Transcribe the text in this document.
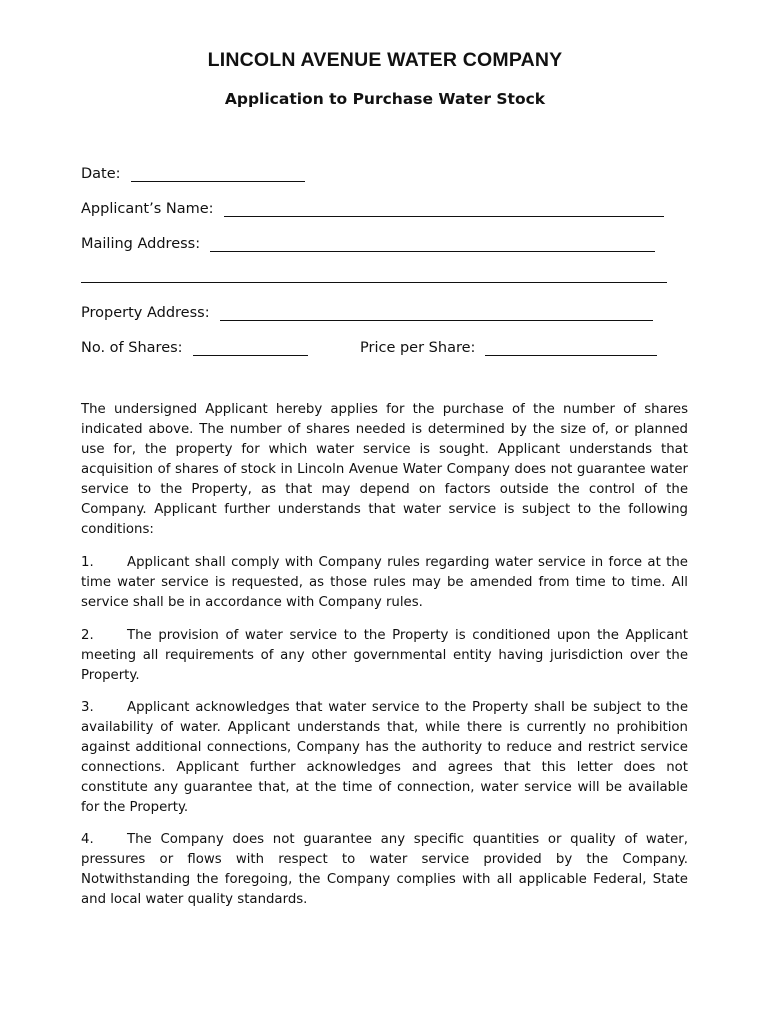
LINCOLN AVENUE WATER COMPANY
Application to Purchase Water Stock
Date:
Applicant’s Name:
Mailing Address:
Property Address:
No. of Shares:	Price per Share:

The undersigned Applicant hereby applies for the purchase of the number of shares indicated above. The number of shares needed is determined by the size of, or planned use for, the property for which water service is sought. Applicant understands that acquisition of shares of stock in Lincoln Avenue Water Company does not guarantee water service to the Property, as that may depend on factors outside the control of the Company. Applicant further understands that water service is subject to the following conditions:

1.	Applicant shall comply with Company rules regarding water service in force at the time water service is requested, as those rules may be amended from time to time. All service shall be in accordance with Company rules.

2.	The provision of water service to the Property is conditioned upon the Applicant meeting all requirements of any other governmental entity having jurisdiction over the Property.

3.	Applicant acknowledges that water service to the Property shall be subject to the availability of water. Applicant understands that, while there is currently no prohibition against additional connections, Company has the authority to reduce and restrict service connections. Applicant further acknowledges and agrees that this letter does not constitute any guarantee that, at the time of connection, water service will be available for the Property.

4.	The Company does not guarantee any specific quantities or quality of water, pressures or flows with respect to water service provided by the Company. Notwithstanding the foregoing, the Company complies with all applicable Federal, State and local water quality standards.
